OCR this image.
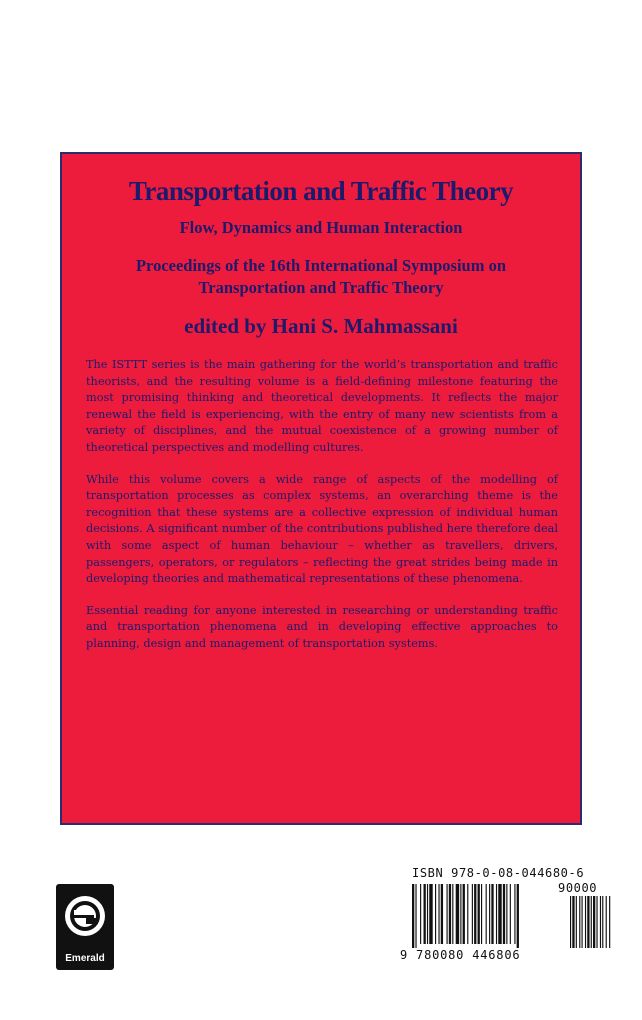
Transportation and Traffic Theory
Flow, Dynamics and Human Interaction
Proceedings of the 16th International Symposium on
Transportation and Traffic Theory
edited by Hani S. Mahmassani

The ISTTT series is the main gathering for the world’s transportation and traffic theorists, and the resulting volume is a field-defining milestone featuring the most promising thinking and theoretical developments. It reflects the major renewal the field is experiencing, with the entry of many new scientists from a variety of disciplines, and the mutual coexistence of a growing number of theoretical perspectives and modelling cultures.

While this volume covers a wide range of aspects of the modelling of transportation processes as complex systems, an overarching theme is the recognition that these systems are a collective expression of individual human decisions. A significant number of the contributions published here therefore deal with some aspect of human behaviour – whether as travellers, drivers, passengers, operators, or regulators – reflecting the great strides being made in developing theories and mathematical representations of these phenomena.

Essential reading for anyone interested in researching or understanding traffic and transportation phenomena and in developing effective approaches to planning, design and management of transportation systems.

Emerald
ISBN 978-0-08-044680-6
90000
9 780080 446806
